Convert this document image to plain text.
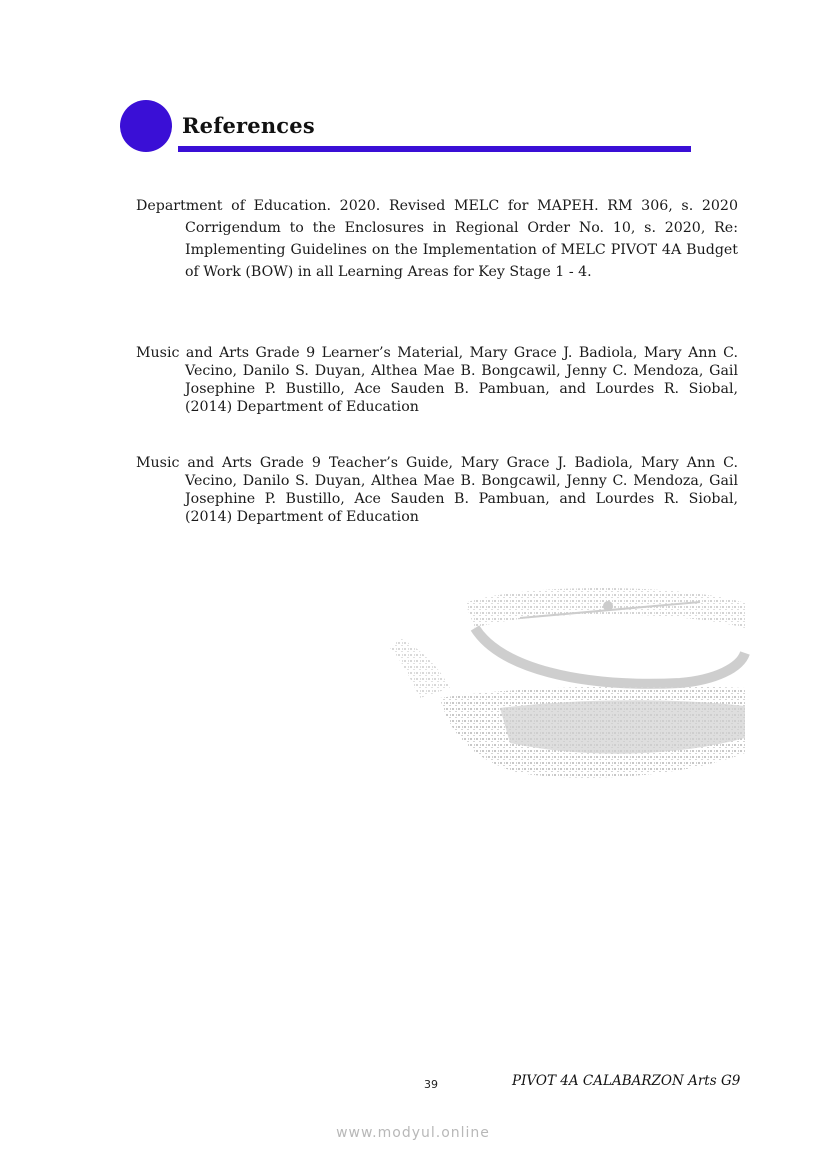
References
Department of Education. 2020. Revised MELC for MAPEH. RM 306, s. 2020 Corrigendum to the Enclosures in Regional Order No. 10, s. 2020, Re: Implementing Guidelines on the Implementation of MELC PIVOT 4A Budget of Work (BOW) in all Learning Areas for Key Stage 1 - 4.
Music and Arts Grade 9 Learner’s Material, Mary Grace J. Badiola, Mary Ann C. Vecino, Danilo S. Duyan, Althea Mae B. Bongcawil, Jenny C. Mendoza, Gail Josephine P. Bustillo, Ace Sauden B. Pambuan, and Lourdes R. Siobal, (2014) Department of Education
Music and Arts Grade 9 Teacher’s Guide, Mary Grace J. Badiola, Mary Ann C. Vecino, Danilo S. Duyan, Althea Mae B. Bongcawil, Jenny C. Mendoza, Gail Josephine P. Bustillo, Ace Sauden B. Pambuan, and Lourdes R. Siobal, (2014) Department of Education
39	PIVOT 4A CALABARZON Arts G9
www.modyul.online
